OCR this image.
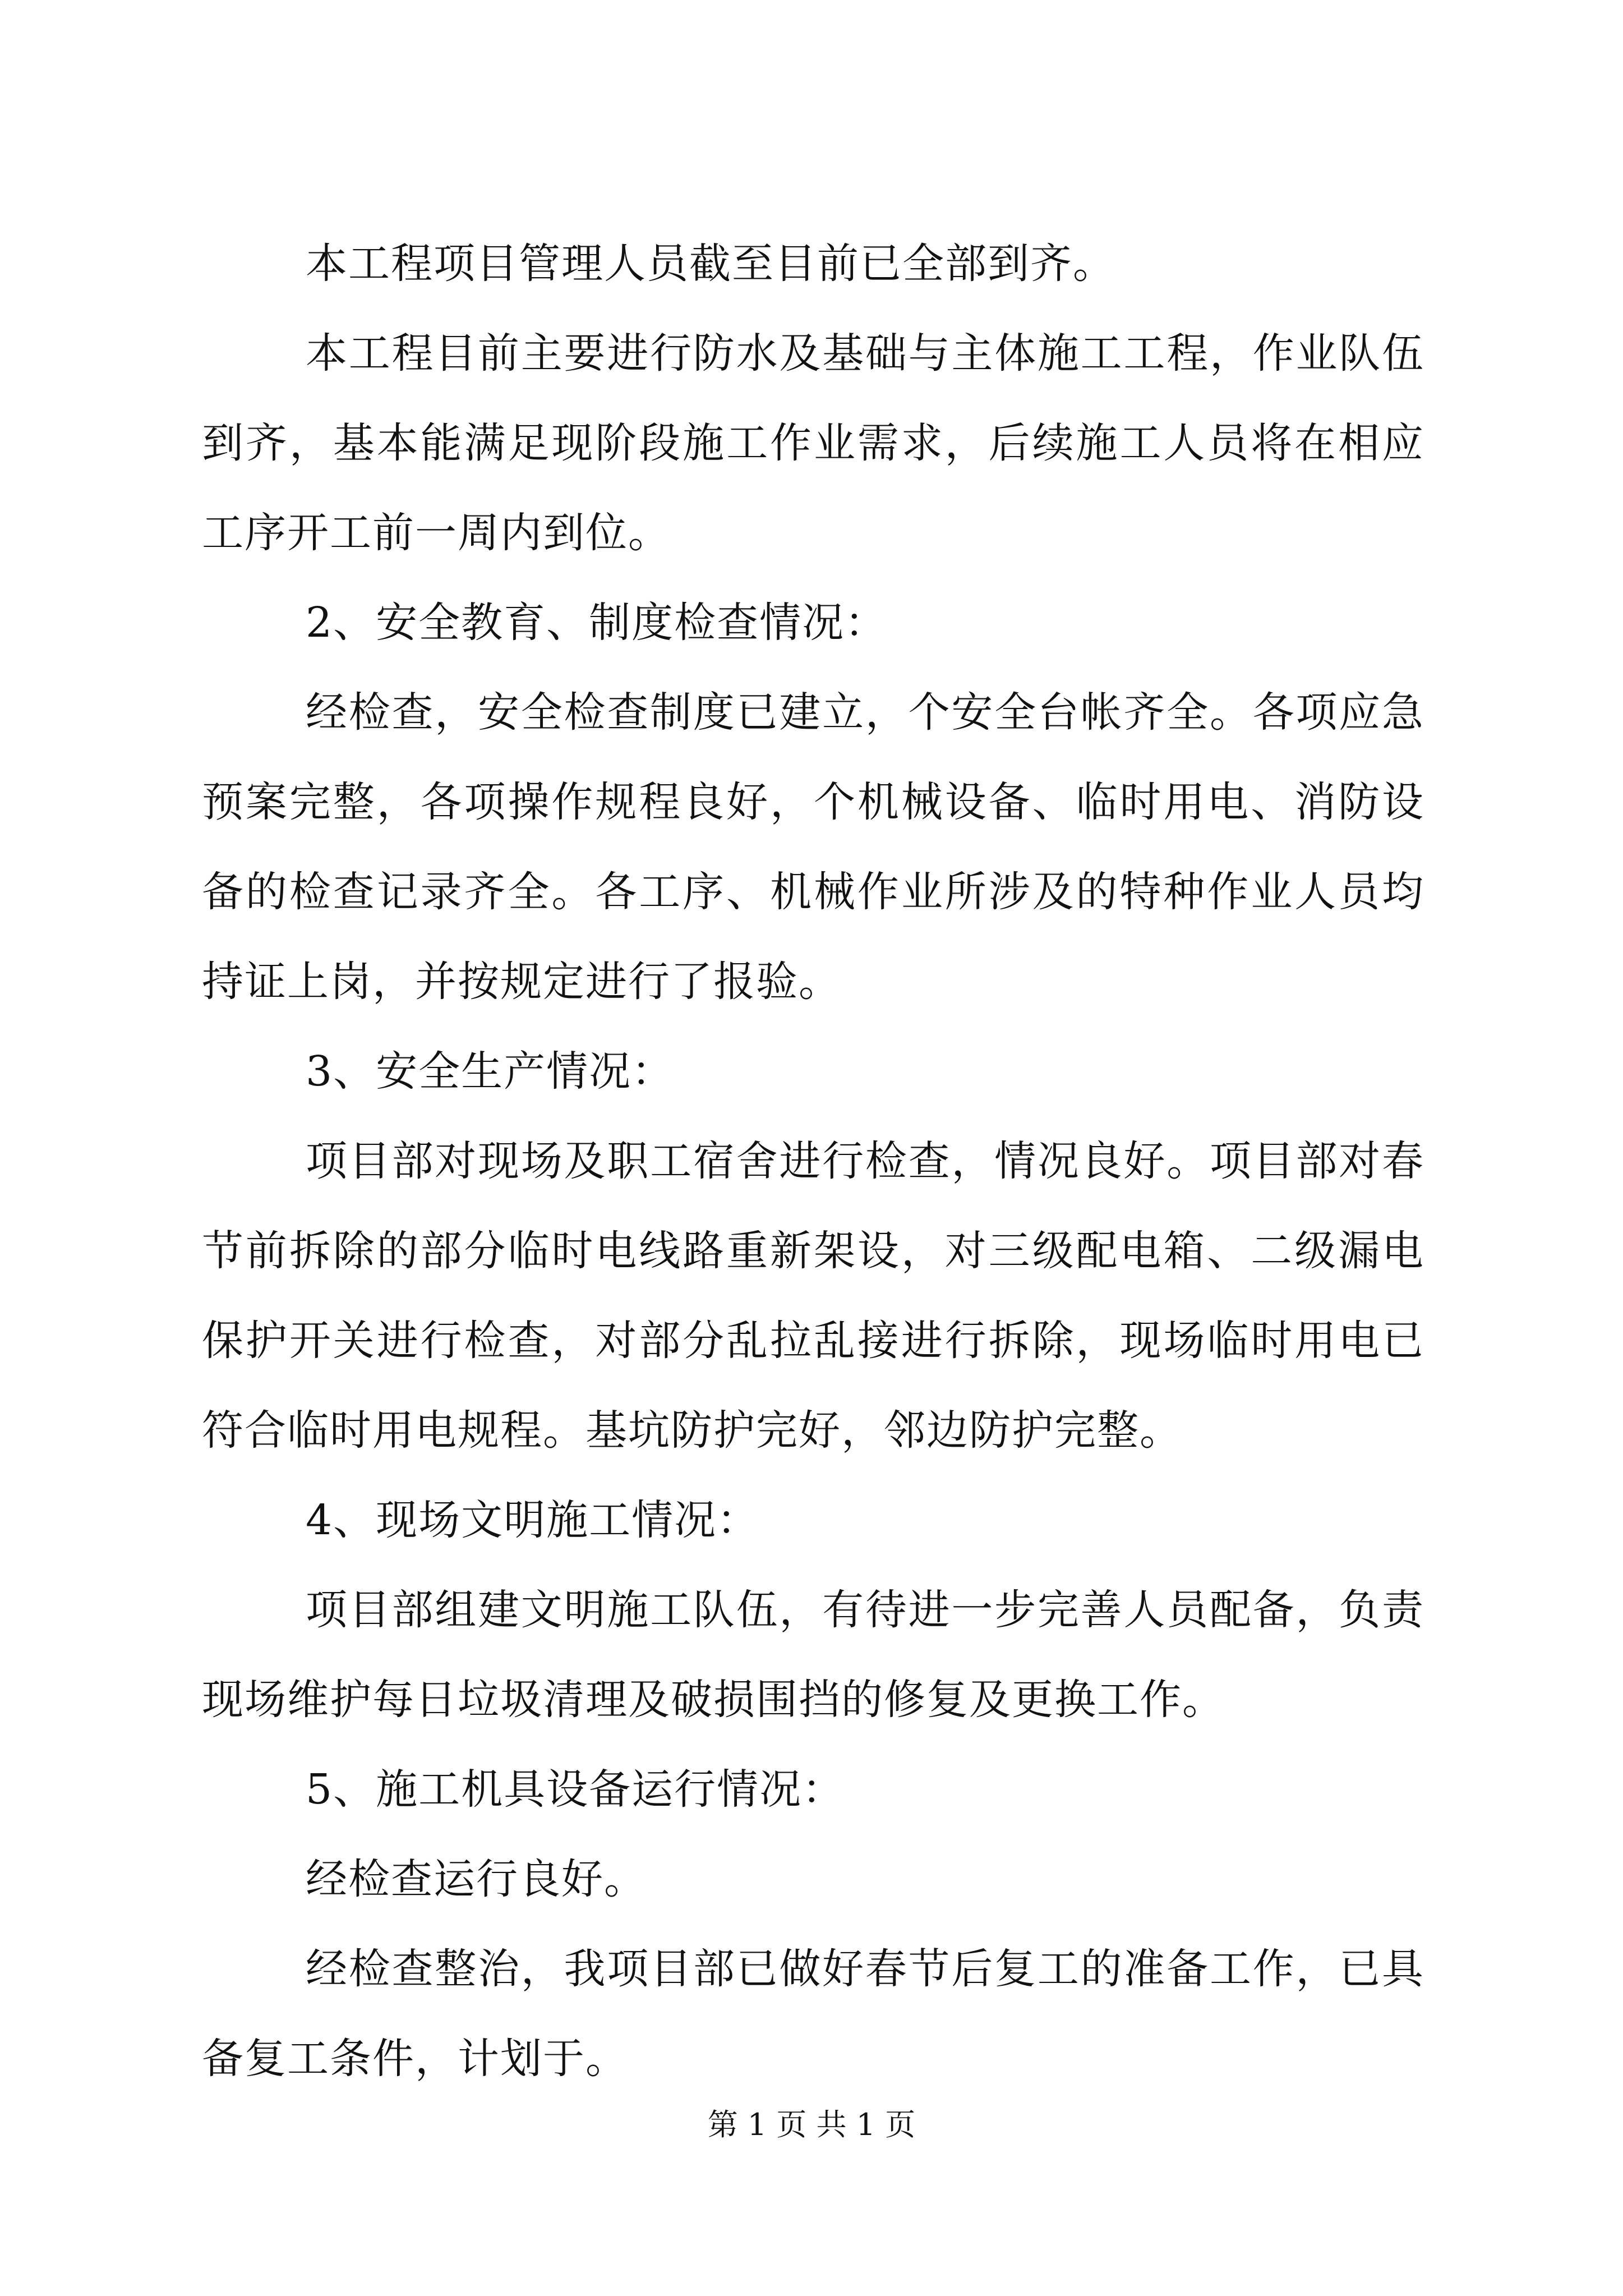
本工程项目管理人员截至目前已全部到齐。

本工程目前主要进行防水及基础与主体施工工程，作业队伍到齐，基本能满足现阶段施工作业需求，后续施工人员将在相应工序开工前一周内到位。

2、安全教育、制度检查情况：

经检查，安全检查制度已建立，个安全台帐齐全。各项应急预案完整，各项操作规程良好，个机械设备、临时用电、消防设备的检查记录齐全。各工序、机械作业所涉及的特种作业人员均持证上岗，并按规定进行了报验。

3、安全生产情况：

项目部对现场及职工宿舍进行检查，情况良好。项目部对春节前拆除的部分临时电线路重新架设，对三级配电箱、二级漏电保护开关进行检查，对部分乱拉乱接进行拆除，现场临时用电已符合临时用电规程。基坑防护完好，邻边防护完整。

4、现场文明施工情况：

项目部组建文明施工队伍，有待进一步完善人员配备，负责现场维护每日垃圾清理及破损围挡的修复及更换工作。

5、施工机具设备运行情况：

经检查运行良好。

经检查整治，我项目部已做好春节后复工的准备工作，已具备复工条件，计划于。

第 1 页 共 1 页
